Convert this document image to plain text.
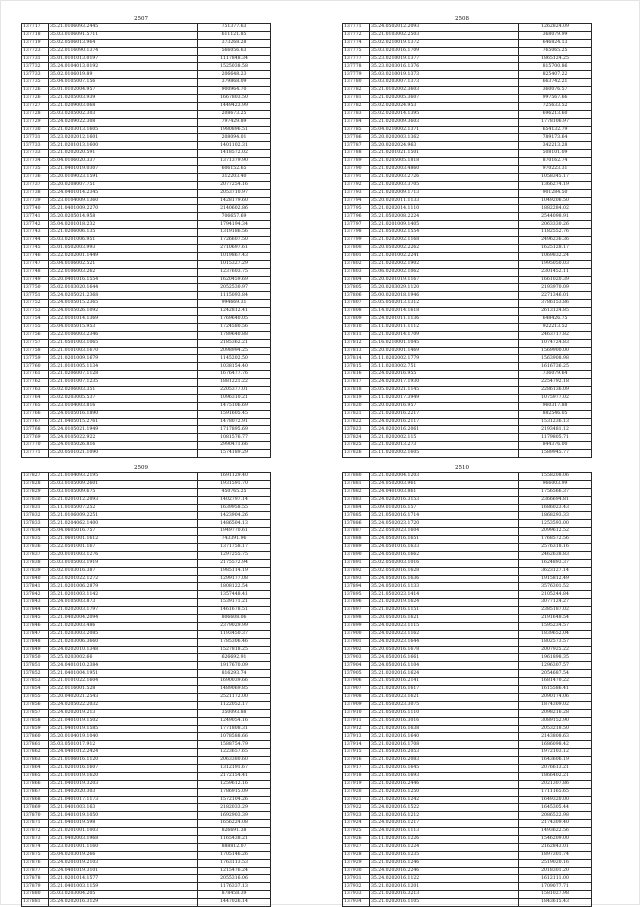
2507
137717	35.21.0106093.2445	751377.63
137718	35.03.0106091.5711	611121.85
137719	35.02.0506013.964	373268.28
137723	35.22.0116090.1374	566056.63
137731	35.01.0101013.0197	1117848.34
137732	35.24.0104013.0192	1525038.58
137733	35.02.0106019.89	206648.23
137735	35.04.0105007.156	379868.09
137726	35.01.0102004.957	900964.70
137726	35.21.0205003.939	1667803.50
137727	35.21.0209003.068	1449423.99
137728	35.03.0205002.303	208673.25
137729	35.24.0209022.308	797429.89
137730	35.21.0203013.1605	1980896.51
137731	35.23.0202012.1601	208094.01
137733	35.21.0201013.1600	1401102.31
137733	35.21.0202020.591	1418572.02
137734	35.04.0106020.337	1371379.90
137735	35.21.0401019.0307	606152.65
137736	35.20.0109023.1591	312203.40
137737	35.20.0208007.751	2077254.16
137738	35.24.0401014.2345	2053710.97
137739	35.23.0104009.1360	1428179.60
137740	35.21.0401009.2270	2140602.86
137741	35.20.0205014.958	706657.69
137742	35.04.0201018.232	1794194.34
137743	35.21.0206006.135	1319186.56
137744	35.03.0201006.951	1726607.50
137745	35.01.0502003.993	2710697.61
137746	35.22.0202001.1449	1019867.43
137747	35.04.0106002.521	1015327.29
137748	35.22.0106003.262	1237603.75
137749	35.20.0401016.1554	1620459.69
137750	35.02.0103020.1644	2052530.97
137751	35.24.0205021.2368	1115093.84
137752	35.24.0105015.2365	994669.31
137753	35.24.0105026.1092	1242812.41
137754	35.22.0101014.1369	1769640.05
137755	35.04.0105015.953	1724580.56
137756	35.22.0106003.2346	1789640.88
137757	35.21.0501003.1065	2185362.21
137758	35.21.0101003.1670	2098994.25
137759	35.21.0201009.1679	1145202.50
137760	35.21.0101005.1134	1038154.40
137761	35.21.0206007.1128	1676477.76
137762	35.21.0101007.1235	1881221.22
137763	35.02.0206003.351	2205377.01
137764	35.02.0203005.537	1096310.21
137765	35.23.0104003.816	1475106.69
137766	35.24.0105016.1890	1591605.45
137767	35.21.0405015.2761	1478072.91
137768	35.24.0105021.1949	1717895.69
137769	35.24.0105022.922	1081576.77
137770	35.24.0105026.816	2990471.66
137771	35.20.0501021.1090	1574189.29
2508
137771	35.24.0502012.2093	1262824.09
137772	35.21.0103002.2503	368079.99
137774	35.02.0210019.1372	646824.13
137775	35.03.0203016.1709	765065.25
137777	35.23.0210019.1377	1865124.25
137778	35.23.0203016.1376	815700.86
137779	35.03.0210019.1373	825407.22
137780	35.03.0203007.1373	663742.21
137782	35.21.0102002.3603	360076.57
137781	35.21.0202005.3607	997567.66
137782	35.02.0202024.953	725633.52
137783	35.02.0202014.1395	696213.60
137784	35.21.0202009.3603	1778106.97
137785	35.04.0210002.1371	654132.79
137786	35.20.0202003.1362	789173.64
137787	35.20.0202024.963	342213.28
137788	35.21.0201021.1501	508101.09
137789	35.21.0205005.1818	870162.74
137790	35.21.0202003.4860	970223.31
137791	35.21.0202003.2726	1058345.17
137792	35.21.0202003.3705	1366274.19
137793	35.21.0202009.1713	901284.50
137794	35.20.0202011.1133	1049206.50
137795	35.21.0202014.1110	1882284.02
137796	35.21.0502008.2224	2544098.91
137797	35.21.0201009.1405	2063330.26
137798	35.21.0502002.1554	1182552.76
137799	35.21.0202002.1168	2496236.36
137800	35.20.0502002.2262	1625128.17
137801	35.21.0201002.2241	1069832.24
137802	35.21.0202002.1902	1995050.03
137803	35.06.0202002.1062	2301452.11
137804	35.20.0201019.1167	1661020.39
137805	35.20.0203029.1120	2193970.09
137806	35.00.0202018.1946	2271346.01
137807	35.05.0502013.1312	3786153.86
137808	35.14.0202014.1618	2613124.85
137809	35.24.0201011.1136	648426.75
137810	35.11.0202011.1112	922213.52
137811	35.21.0202014.1709	2463717.82
137812	35.16.0210001.1045	1074724.83
137813	35.20.0202001.1469	1569900.00
137814	35.11.0202002.1779	1563908.98
137815	35.11.0203002.751	1616736.25
137816	35.24.0202016.955	736079.64
137817	35.24.0202017.1930	2254792.18
137818	35.05.0202021.1145	2286136.09
137819	35.11.0202017.3949	1075977.02
137820	35.20.0202016.957	960317.88
137821	35.21.0202016.2217	882546.05
137822	35.24.0202016.2117	1531236.13
137823	35.24.0202016.2061	2193481.12
137824	35.21.0202002.115	1179805.71
137825	35.21.0202013.273	844376.00
137826	35.11.0202002.1605	1589945.77
2509
137827	35.21.0104093.2195	1691129.40
137828	35.03.0105009.2601	1931591.70
137829	35.03.0105009.675	450765.25
137830	35.21.0201012.2093	1402797.14
137831	35.11.0105007.252	1639958.55
137832	35.21.0106009.2251	1423904.26
137833	35.21.0204062.1400	1486504.13
137834	35.04.0605016.757	1949770.61
137835	35.21.0601001.1612	743391.96
137836	35.22.0501001.167	1371758.17
137837	35.20.0101003.1276	1297255.75
137838	35.03.0105003.1919	2175572.94
137839	35.02.0103016.387	1985114.19
137840	35.23.0201022.1272	1299177.08
137841	35.21.0201006.2879	1808122.54
137842	35.21.0201003.1142	1357448.41
137843	35.24.0105003.873	1539171.21
137844	35.21.0202003.1797	1461678.51
137845	35.21.0402004.2094	806608.06
137846	35.21.0202003.486	2379029.99
137847	35.21.0203003.2085	1193450.37
137848	35.21.0203006.3660	1785306.46
137849	35.24.0202010.1348	1527818.25
137850	35.25.0203002.66	626692.91
137851	35.24.0401010.2384	1917670.09
137852	35.21.0401004.1951	816293.74
137853	35.21.0101022.1604	1690039.66
137854	35.22.0116001.528	1489069.85
137855	35.20.0402021.2543	2521172.00
137856	35.24.0205022.2032	1122052.17
137857	35.24.0202019.213	350093.88
137858	35.21.0401019.1502	1249054.16
137859	35.21.0401019.1585	1771808.31
137860	35.20.0104019.1040	1078588.66
137861	35.03.0501017.912	1588754.79
137862	35.24.0401012.2424	1223657.65
137863	35.21.0106016.1120	2063380.60
137864	35.21.0201016.1607	1312191.67
137865	35.21.0101019.1620	2172154.41
137866	35.21.0401019.3203	1259612.16
137867	35.21.0402020.303	1786915.09
137868	35.21.0401017.1173	1572104.26
137869	35.21.0401003.163	2182033.29
137870	35.21.0401019.1050	1692903.39
137871	35.21.0401019.598	1656224.08
137872	35.21.0201001.1003	826691.38
137873	35.21.0402003.1968	1165438.21
137874	35.23.0301001.1160	888812.07
137875	35.04.0203019.266	1705146.26
137876	35.24.0201019.2103	1763113.53
137877	35.24.0401019.3101	1215476.24
137878	35.21.0201014.1577	2055316.06
137879	35.21.0401003.1159	1176337.13
137880	35.03.0203004.205	878458.39
137881	35.24.0202016.3129	1447026.14
2510
137880	35.21.0202004.1203	1558208.06
137881	35.24.0502003.961	966003.99
137882	35.24.0401003.861	1756566.37
137883	35.24.0202016.3153	2366694.81
137884	35.09.0102016.157	1686023.43
137885	35.21.0502016.1714	1868293.33
137886	35.24.0502023.1720	1253593.00
137887	35.22.0502023.1604	2099612.52
137888	35.24.0502016.1651	1768572.56
137889	35.24.0501016.1633	2576318.16
137890	35.24.0502016.1662	2462638.83
137891	35.02.0502003.1016	1624893.37
137892	35.02.0502016.1628	3623127.14
137893	35.24.0502016.1636	1915812.49
137894	35.24.0502016.1133	3576301.52
137895	35.21.0502023.1414	2105244.84
137896	35.21.0202019.1624	3077124.27
137897	35.21.0202016.1151	2385187.02
137898	35.20.0502016.1621	2191648.54
137899	35.24.0202023.1115	1595234.57
137900	35.24.0202023.1162	1839652.04
137901	35.24.0202023.1644	1802573.57
137902	35.20.0502016.1678	2007925.22
137903	35.24.0502016.1661	1961898.35
137904	35.24.0502016.1104	1296307.57
137905	35.21.0202016.1624	2054687.54
137906	35.21.0502016.2141	1681470.22
137907	35.21.0202016.1617	1615586.41
137908	35.21.0502023.1621	2090174.06
137909	35.21.0502023.3075	1874309.02
137910	35.21.0502016.1110	2098216.28
137911	35.21.0502016.3016	3089152.90
137912	35.21.0202016.1638	2053218.50
137913	35.21.0202016.1640	2143808.63
137914	35.21.0202016.1708	1686098.42
137915	35.21.0502016.2053	1972103.12
137916	35.21.0202016.2083	1643606.19
137917	35.21.0202016.1645	2076613.21
137918	35.21.0502016.1693	1866402.21
137919	35.21.0202016.2446	2021307.86
137920	35.21.0202016.1250	1711165.65
137921	35.21.0202016.1242	1649320.00
137922	35.24.0202016.1522	1645305.44
137923	35.21.0202016.1212	2086522.98
137924	35.24.0202016.1217	2174309.40
137925	35.24.0202016.1113	1493622.56
137926	35.11.0202016.1226	1546209.00
137927	35.21.0202016.1224	2162843.01
137928	35.21.0202016.1235	1897301.74
137929	35.21.0202016.1246	2519020.16
137930	35.24.0202016.2246	2018301.20
137931	35.24.0202016.1122	1612111.00
137932	35.21.0202016.1201	1709077.71
137933	35.21.0202016.3213	1581027.98
137934	35.21.0202016.1105	1843615.43
